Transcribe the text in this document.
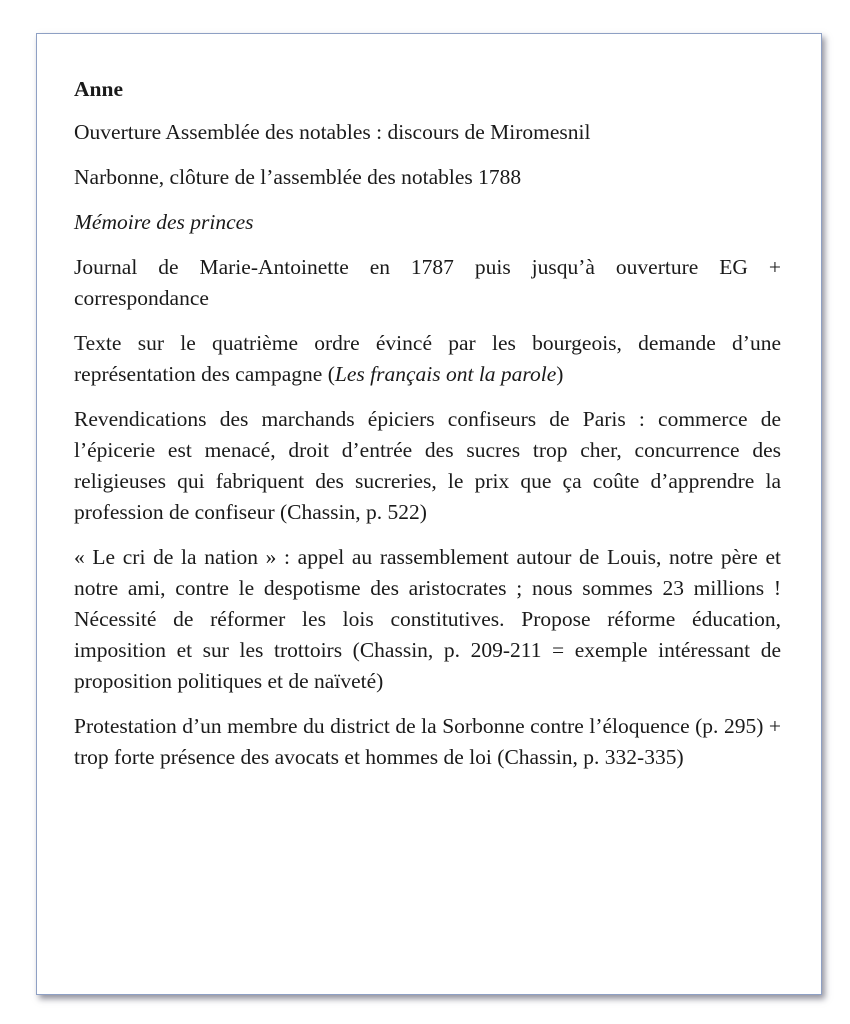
Anne

Ouverture Assemblée des notables : discours de Miromesnil

Narbonne, clôture de l’assemblée des notables 1788

Mémoire des princes

Journal de Marie-Antoinette en 1787 puis jusqu’à ouverture EG + correspondance

Texte sur le quatrième ordre évincé par les bourgeois, demande d’une représentation des campagne (Les français ont la parole)

Revendications des marchands épiciers confiseurs de Paris : commerce de l’épicerie est menacé, droit d’entrée des sucres trop cher, concurrence des religieuses qui fabriquent des sucreries, le prix que ça coûte d’apprendre la profession de confiseur (Chassin, p. 522)

« Le cri de la nation » : appel au rassemblement autour de Louis, notre père et notre ami, contre le despotisme des aristocrates ; nous sommes 23 millions ! Nécessité de réformer les lois constitutives. Propose réforme éducation, imposition et sur les trottoirs (Chassin, p. 209-211 = exemple intéressant de proposition politiques et de naïveté)

Protestation d’un membre du district de la Sorbonne contre l’éloquence (p. 295) + trop forte présence des avocats et hommes de loi (Chassin, p. 332-335)
